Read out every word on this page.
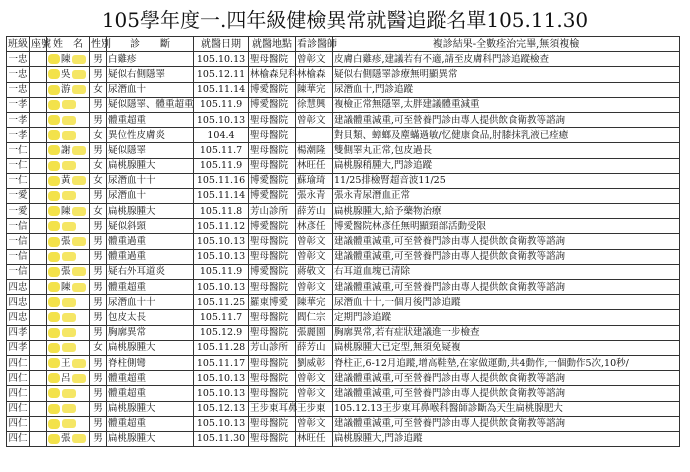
105學年度一.四年級健檢異常就醫追蹤名單105.11.30
班級	座號	姓　名	性別	診　　斷	就醫日期	就醫地點	看診醫師	複診結果-全數痊治完畢,無須複檢
一忠		陳	男	白雞疹	105.10.13	聖母醫院	曾彰文	皮膚白雞疹,建議若有不適,請至皮膚科門診追蹤檢查
一忠		吳	男	疑似右側隱睪	105.12.11	林榆森兒科	林榆森	疑似右側隱睪診療無明顯異常
一忠		游	女	尿潛血十	105.11.14	博愛醫院	陳華完	尿潛血十,門診追蹤
一孝			男	疑似隱睪、體重超重	105.11.9	博愛醫院	徐慧興	複檢正常無隱睪,太胖建議體重減重
一孝			男	體重超重	105.10.13	聖母醫院	曾彰文	建議體重減重,可至營養門診由專人提供飲食衛教等諮詢
一孝			女	異位性皮膚炎	104.4	聖母醫院		對貝類、蟑螂及塵蟎過敏/忆健康食品,肘膝抹乳液已痊癒
一仁		謝	男	疑似隱睪	105.11.7	聖母醫院	楊潮隆	雙側睪丸正常,包皮過長
一仁			女	扁桃腺腫大	105.11.9	聖母醫院	林旺任	扁桃腺稍腫大,門診追蹤
一仁		黃	女	尿潛血十十	105.11.16	博愛醫院	蘇瑜琦	11/25排檢腎超音波11/25
一愛			男	尿潛血十	105.11.14	博愛醫院	張永青	張永青尿潛血正常
一愛		陳	女	扁桃腺腫大	105.11.8	芳山診所	薛芳山	扁桃腺腫大,給予藥物治療
一信			男	疑似斜頸	105.11.12	博愛醫院	林彥任	博愛醫院林彥任無明顯頸部活動受限
一信		張	男	體重過重	105.10.13	聖母醫院	曾彰文	建議體重減重,可至營養門診由專人提供飲食衛教等諮詢
一信			男	體重過重	105.10.13	聖母醫院	曾彰文	建議體重減重,可至營養門診由專人提供飲食衛教等諮詢
一信		張	男	疑右外耳道炎	105.11.9	博愛醫院	蔣敬文	右耳道血塊已清除
四忠		陳	男	體重超重	105.10.13	聖母醫院	曾彰文	建議體重減重,可至營養門診由專人提供飲食衛教等諮詢
四忠			男	尿潛血十十	105.11.25	羅東博愛	陳華完	尿潛血十十,一個月後門診追蹤
四忠			男	包皮太長	105.11.7	聖母醫院	閻仁宗	定期門診追蹤
四孝			男	胸廓異常	105.12.9	聖母醫院	張麗園	胸廓異常,若有症狀建議進一步檢查
四孝			女	扁桃腺腫大	105.11.28	芳山診所	薛芳山	扁桃腺腫大已定型,無須免疑複
四仁		王	男	脊柱側彎	105.11.17	聖母醫院	劉威彰	脊柱正,6-12月追蹤,增高鞋墊,在家做運動,共4動作,一個動作5次,10秒/
四仁		呂	男	體重超重	105.10.13	聖母醫院	曾彰文	建議體重減重,可至營養門診由專人提供飲食衛教等諮詢
四仁			男	體重超重	105.10.13	聖母醫院	曾彰文	建議體重減重,可至營養門診由專人提供飲食衛教等諮詢
四仁			男	扁桃腺腫大	105.12.13	王步東耳鼻	王步東	105.12.13王步東耳鼻喉科醫師診斷為天生扁桃腺肥大
四仁			男	體重超重	105.10.13	聖母醫院	曾彰文	建議體重減重,可至營養門診由專人提供飲食衛教等諮詢
四仁		張	男	扁桃腺腫大	105.11.30	聖母醫院	林旺任	扁桃腺腫大,門診追蹤
